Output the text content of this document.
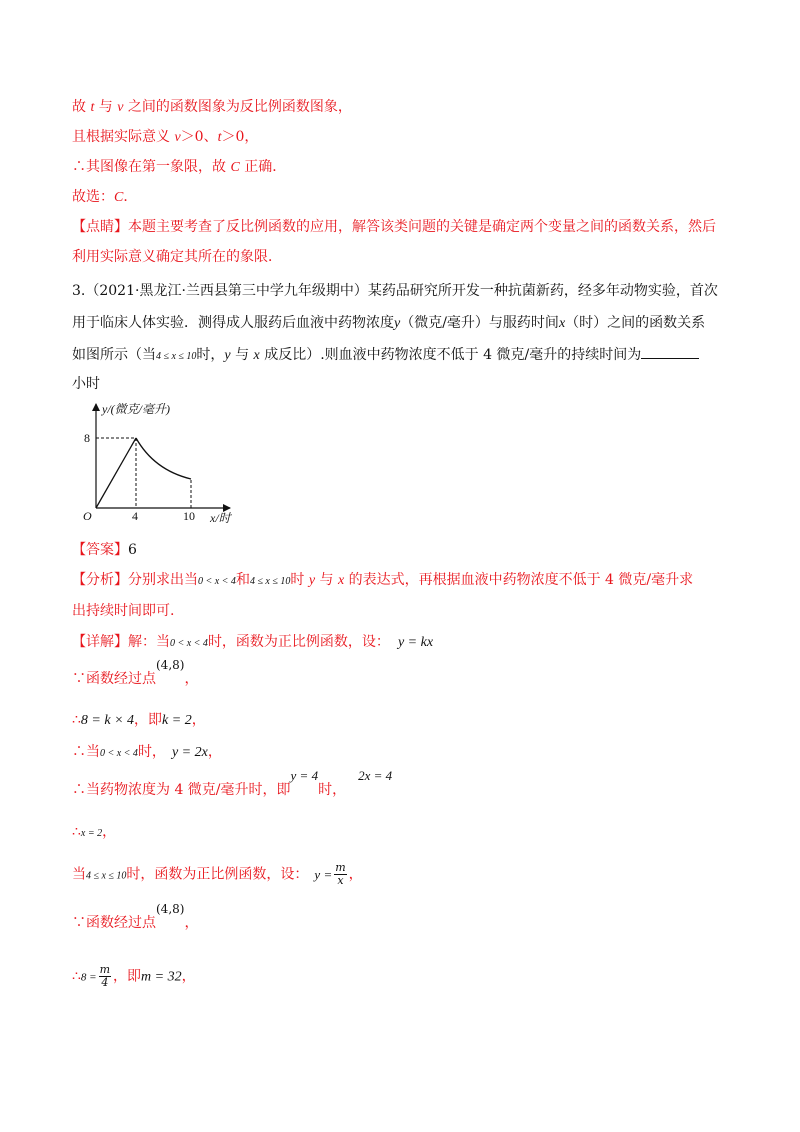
故 t 与 v 之间的函数图象为反比例函数图象，
且根据实际意义 v＞0、t＞0，
∴其图像在第一象限，故 C 正确．
故选：C．
【点睛】本题主要考查了反比例函数的应用，解答该类问题的关键是确定两个变量之间的函数关系，然后
利用实际意义确定其所在的象限．
3.（2021·黑龙江·兰西县第三中学九年级期中）某药品研究所开发一种抗菌新药，经多年动物实验，首次
用于临床人体实验．测得成人服药后血液中药物浓度y（微克/毫升）与服药时间x（时）之间的函数关系
如图所示（当4 ≤ x ≤ 10时，y 与 x 成反比）.则血液中药物浓度不低于 4 微克/毫升的持续时间为
小时
y/(微克/毫升)
x/时
O	4	10
8
【答案】6
【分析】分别求出当0 < x < 4和4 ≤ x ≤ 10时 y 与 x 的表达式，再根据血液中药物浓度不低于 4 微克/毫升求
出持续时间即可.
【详解】解：当0 < x < 4时，函数为正比例函数，设： y = kx
∵函数经过点(4,8)，
∴8 = k × 4，即k = 2，
∴当0 < x < 4时， y = 2x，
∴当药物浓度为 4 微克/毫升时，即y = 4时，2x = 4
∴x = 2，
当4 ≤ x ≤ 10时，函数为正比例函数，设： $y = \frac{m}{x}$ ，
∵函数经过点(4,8)，
∴8 = $\frac{m}{4}$ ，即m = 32，
